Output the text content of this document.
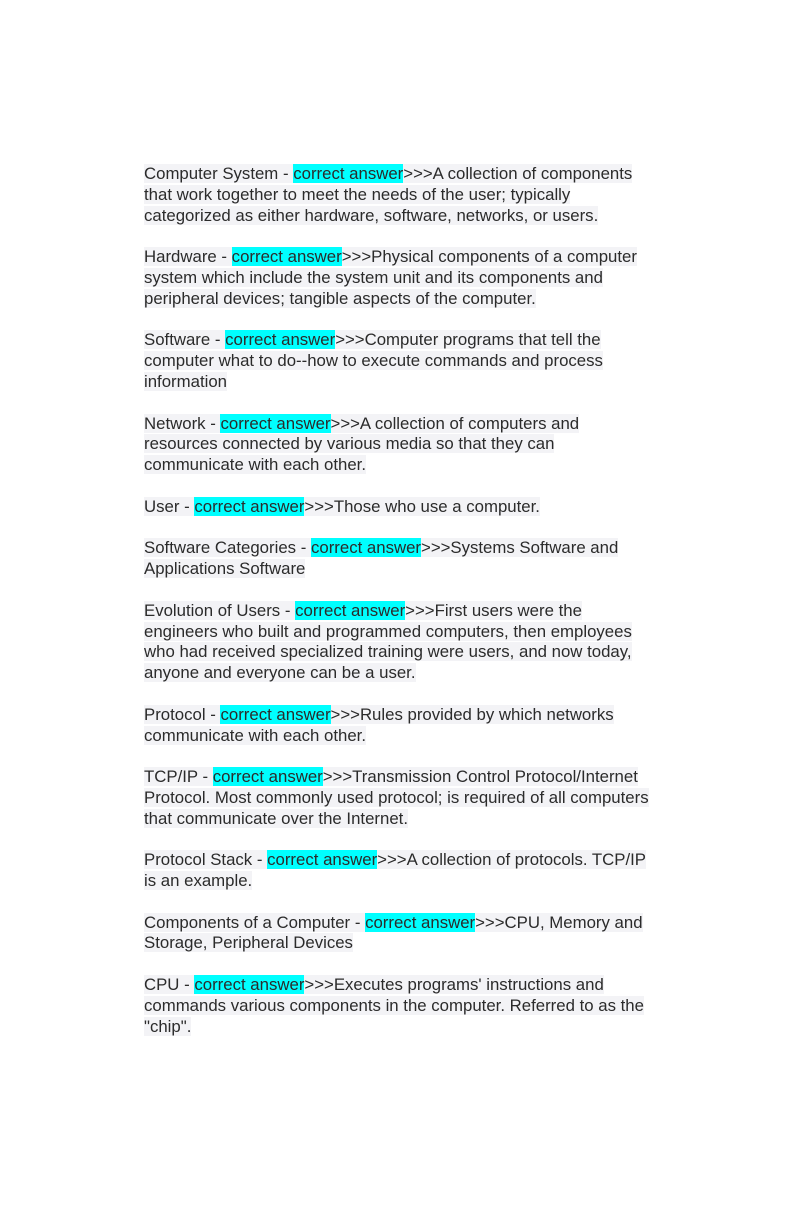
Computer System - correct answer>>>A collection of components that work together to meet the needs of the user; typically categorized as either hardware, software, networks, or users.

Hardware - correct answer>>>Physical components of a computer system which include the system unit and its components and peripheral devices; tangible aspects of the computer.

Software - correct answer>>>Computer programs that tell the computer what to do--how to execute commands and process information

Network - correct answer>>>A collection of computers and resources connected by various media so that they can communicate with each other.

User - correct answer>>>Those who use a computer.

Software Categories - correct answer>>>Systems Software and Applications Software

Evolution of Users - correct answer>>>First users were the engineers who built and programmed computers, then employees who had received specialized training were users, and now today, anyone and everyone can be a user.

Protocol - correct answer>>>Rules provided by which networks communicate with each other.

TCP/IP - correct answer>>>Transmission Control Protocol/Internet Protocol. Most commonly used protocol; is required of all computers that communicate over the Internet.

Protocol Stack - correct answer>>>A collection of protocols. TCP/IP is an example.

Components of a Computer - correct answer>>>CPU, Memory and Storage, Peripheral Devices

CPU - correct answer>>>Executes programs' instructions and commands various components in the computer. Referred to as the "chip".
